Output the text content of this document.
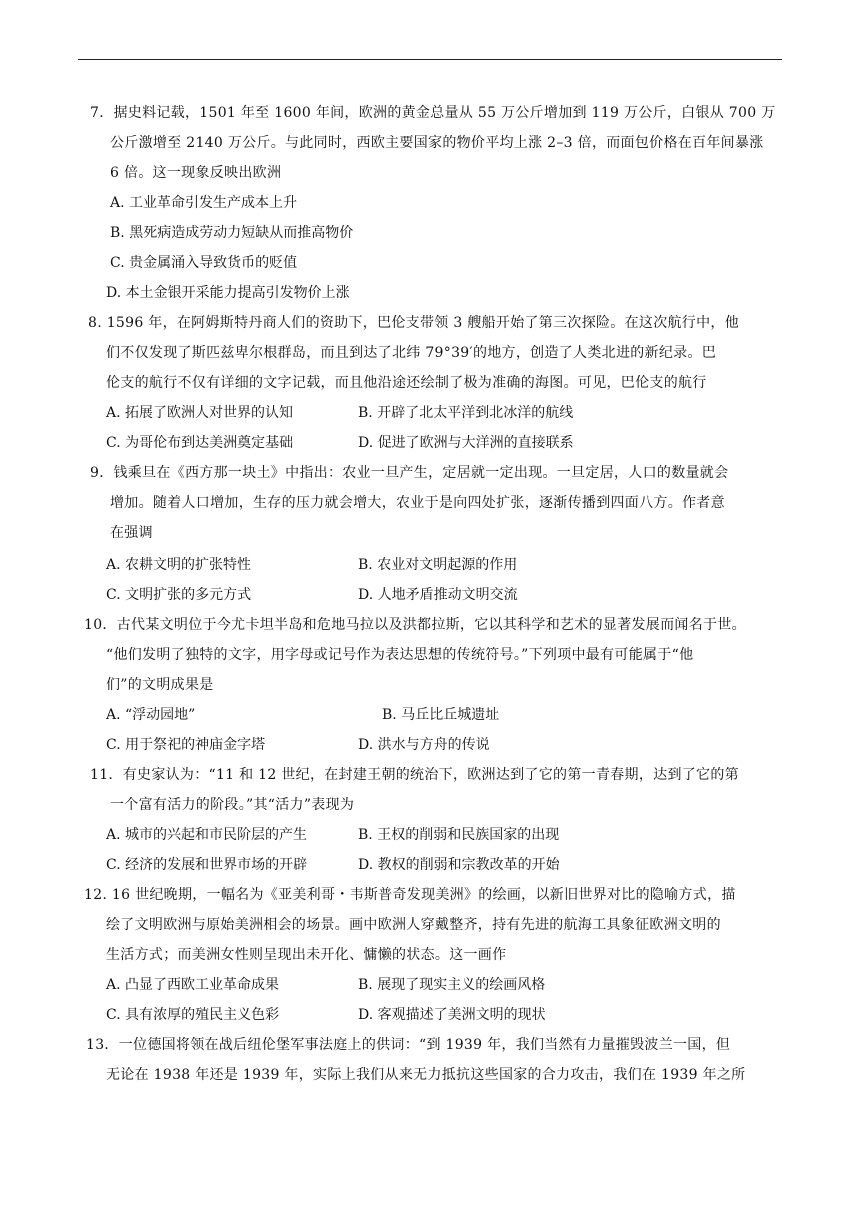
7．据史料记载，1501 年至 1600 年间，欧洲的黄金总量从 55 万公斤增加到 119 万公斤，白银从 700 万
公斤激增至 2140 万公斤。与此同时，西欧主要国家的物价平均上涨 2–3 倍，而面包价格在百年间暴涨
6 倍。这一现象反映出欧洲
A. 工业革命引发生产成本上升
B. 黑死病造成劳动力短缺从而推高物价
C. 贵金属涌入导致货币的贬值
D. 本土金银开采能力提高引发物价上涨
8. 1596 年，在阿姆斯特丹商人们的资助下，巴伦支带领 3 艘船开始了第三次探险。在这次航行中，他
们不仅发现了斯匹兹卑尔根群岛，而且到达了北纬 79°39′的地方，创造了人类北进的新纪录。巴
伦支的航行不仅有详细的文字记载，而且他沿途还绘制了极为准确的海图。可见，巴伦支的航行
A. 拓展了欧洲人对世界的认知	B. 开辟了北太平洋到北冰洋的航线
C. 为哥伦布到达美洲奠定基础	D. 促进了欧洲与大洋洲的直接联系
9．钱乘旦在《西方那一块土》中指出：农业一旦产生，定居就一定出现。一旦定居，人口的数量就会
增加。随着人口增加，生存的压力就会增大，农业于是向四处扩张，逐渐传播到四面八方。作者意
在强调
A. 农耕文明的扩张特性	B. 农业对文明起源的作用
C. 文明扩张的多元方式	D. 人地矛盾推动文明交流
10．古代某文明位于今尤卡坦半岛和危地马拉以及洪都拉斯，它以其科学和艺术的显著发展而闻名于世。
“他们发明了独特的文字，用字母或记号作为表达思想的传统符号。”下列项中最有可能属于“他
们”的文明成果是
A. “浮动园地”	B. 马丘比丘城遗址
C. 用于祭祀的神庙金字塔	D. 洪水与方舟的传说
11．有史家认为：“11 和 12 世纪，在封建王朝的统治下，欧洲达到了它的第一青春期，达到了它的第
一个富有活力的阶段。”其“活力”表现为
A. 城市的兴起和市民阶层的产生	B. 王权的削弱和民族国家的出现
C. 经济的发展和世界市场的开辟	D. 教权的削弱和宗教改革的开始
12. 16 世纪晚期，一幅名为《亚美利哥・韦斯普奇发现美洲》的绘画，以新旧世界对比的隐喻方式，描
绘了文明欧洲与原始美洲相会的场景。画中欧洲人穿戴整齐，持有先进的航海工具象征欧洲文明的
生活方式；而美洲女性则呈现出未开化、慵懒的状态。这一画作
A. 凸显了西欧工业革命成果	B. 展现了现实主义的绘画风格
C. 具有浓厚的殖民主义色彩	D. 客观描述了美洲文明的现状
13．一位德国将领在战后纽伦堡军事法庭上的供词：“到 1939 年，我们当然有力量摧毁波兰一国，但
无论在 1938 年还是 1939 年，实际上我们从来无力抵抗这些国家的合力攻击，我们在 1939 年之所
